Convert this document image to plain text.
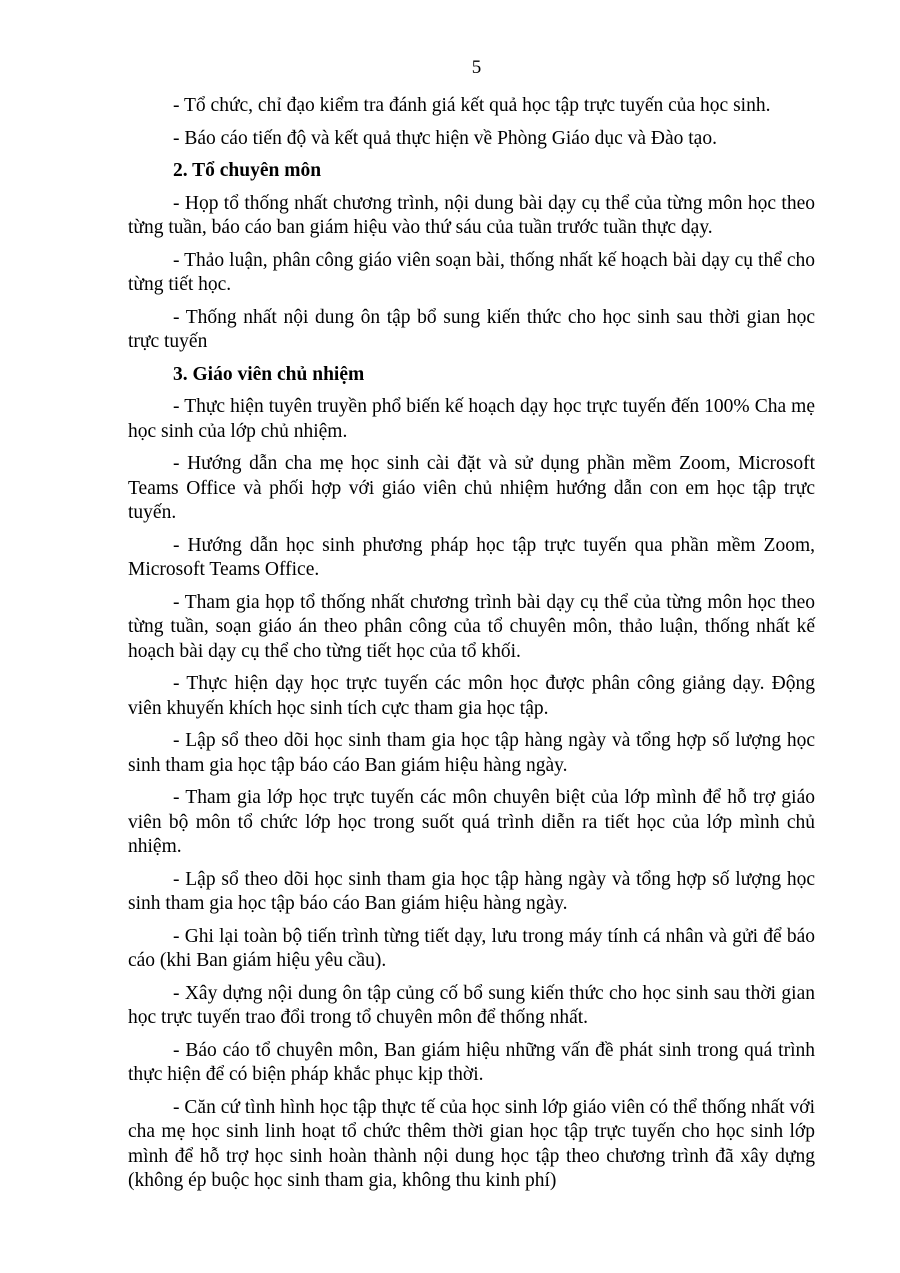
5

- Tổ chức, chỉ đạo kiểm tra đánh giá kết quả học tập trực tuyến của học sinh.

- Báo cáo tiến độ và kết quả thực hiện về Phòng Giáo dục và Đào tạo.

2. Tổ chuyên môn

- Họp tổ thống nhất chương trình, nội dung bài dạy cụ thể của từng môn học theo từng tuần, báo cáo ban giám hiệu vào thứ sáu của tuần trước tuần thực dạy.

- Thảo luận, phân công giáo viên soạn bài, thống nhất kế hoạch bài dạy cụ thể cho từng tiết học.

- Thống nhất nội dung ôn tập bổ sung kiến thức cho học sinh sau thời gian học trực tuyến

3. Giáo viên chủ nhiệm

- Thực hiện tuyên truyền phổ biến kế hoạch dạy học trực tuyến đến 100% Cha mẹ học sinh của lớp chủ nhiệm.

- Hướng dẫn cha mẹ học sinh cài đặt và sử dụng phần mềm Zoom, Microsoft Teams Office và phối hợp với giáo viên chủ nhiệm hướng dẫn con em học tập trực tuyến.

- Hướng dẫn học sinh phương pháp học tập trực tuyến qua phần mềm Zoom, Microsoft Teams Office.

- Tham gia họp tổ thống nhất chương trình bài dạy cụ thể của từng môn học theo từng tuần, soạn giáo án theo phân công của tổ chuyên môn, thảo luận, thống nhất kế hoạch bài dạy cụ thể cho từng tiết học của tổ khối.

- Thực hiện dạy học trực tuyến các môn học được phân công giảng dạy. Động viên khuyến khích học sinh tích cực tham gia học tập.

- Lập sổ theo dõi học sinh tham gia học tập hàng ngày và tổng hợp số lượng học sinh tham gia học tập báo cáo Ban giám hiệu hàng ngày.

- Tham gia lớp học trực tuyến các môn chuyên biệt của lớp mình để hỗ trợ giáo viên bộ môn tổ chức lớp học trong suốt quá trình diễn ra tiết học của lớp mình chủ nhiệm.

- Lập sổ theo dõi học sinh tham gia học tập hàng ngày và tổng hợp số lượng học sinh tham gia học tập báo cáo Ban giám hiệu hàng ngày.

- Ghi lại toàn bộ tiến trình từng tiết dạy, lưu trong máy tính cá nhân và gửi để báo cáo (khi Ban giám hiệu yêu cầu).

- Xây dựng nội dung ôn tập củng cố bổ sung kiến thức cho học sinh sau thời gian học trực tuyến trao đổi trong tổ chuyên môn để thống nhất.

- Báo cáo tổ chuyên môn, Ban giám hiệu những vấn đề phát sinh trong quá trình thực hiện để có biện pháp khắc phục kịp thời.

- Căn cứ tình hình học tập thực tế của học sinh lớp giáo viên có thể thống nhất với cha mẹ học sinh linh hoạt tổ chức thêm thời gian học tập trực tuyến cho học sinh lớp mình để hỗ trợ học sinh hoàn thành nội dung học tập theo chương trình đã xây dựng (không ép buộc học sinh tham gia, không thu kinh phí)
